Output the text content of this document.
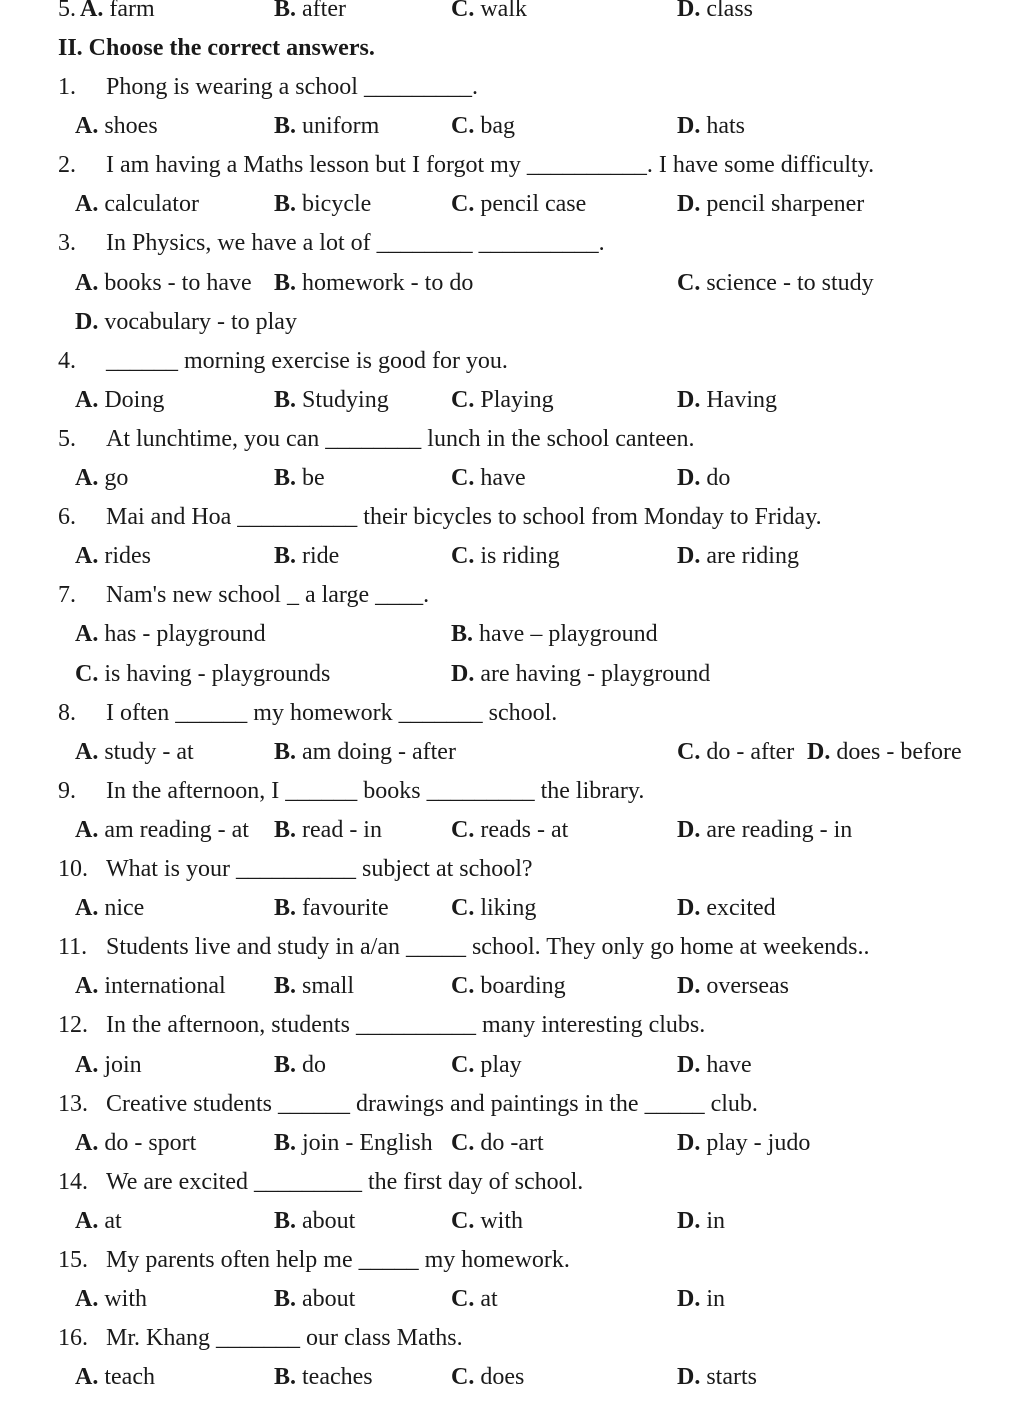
5. A. farm	B. after	C. walk	D. class
II. Choose the correct answers.
1. Phong is wearing a school _________.
A. shoes	B. uniform	C. bag	D. hats
2. I am having a Maths lesson but I forgot my __________. I have some difficulty.
A. calculator	B. bicycle	C. pencil case	D. pencil sharpener
3. In Physics, we have a lot of ________ __________.
A. books - to have B. homework - to do	C. science - to study
D. vocabulary - to play
4. ______ morning exercise is good for you.
A. Doing	B. Studying	C. Playing	D. Having
5. At lunchtime, you can ________ lunch in the school canteen.
A. go	B. be	C. have	D. do
6. Mai and Hoa __________ their bicycles to school from Monday to Friday.
A. rides	B. ride	C. is riding	D. are riding
7. Nam's new school _ a large ____.
A. has - playground	B. have – playground
C. is having - playgrounds	D. are having - playground
8. I often ______ my homework _______ school.
A. study - at	B. am doing - after	C. do - after D. does - before
9. In the afternoon, I ______ books _________ the library.
A. am reading - at B. read - in	C. reads - at	D. are reading - in
10. What is your __________ subject at school?
A. nice	B. favourite	C. liking	D. excited
11. Students live and study in a/an _____ school. They only go home at weekends..
A. international B. small	C. boarding	D. overseas
12. In the afternoon, students __________ many interesting clubs.
A. join	B. do	C. play	D. have
13. Creative students ______ drawings and paintings in the _____ club.
A. do - sport	B. join - English C. do -art	D. play - judo
14. We are excited _________ the first day of school.
A. at	B. about	C. with	D. in
15. My parents often help me _____ my homework.
A. with	B. about	C. at	D. in
16. Mr. Khang _______ our class Maths.
A. teach	B. teaches	C. does	D. starts
